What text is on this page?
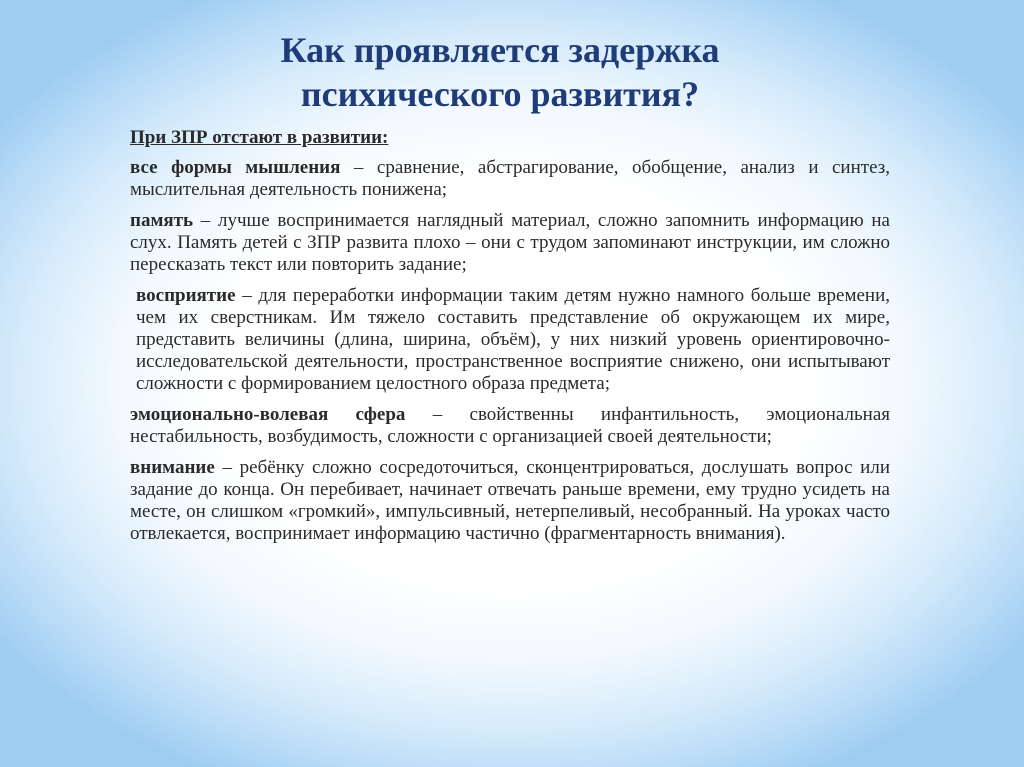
Как проявляется задержка
психического развития?
При ЗПР отстают в развитии:
все формы мышления – сравнение, абстрагирование, обобщение, анализ и синтез, мыслительная деятельность понижена;
память – лучше воспринимается наглядный материал, сложно запомнить информацию на слух. Память детей с ЗПР развита плохо – они с трудом запоминают инструкции, им сложно пересказать текст или повторить задание;
восприятие – для переработки информации таким детям нужно намного больше времени, чем их сверстникам. Им тяжело составить представление об окружающем их мире, представить величины (длина, ширина, объём), у них низкий уровень ориентировочно-исследовательской деятельности, пространственное восприятие снижено, они испытывают сложности с формированием целостного образа предмета;
эмоционально-волевая сфера – свойственны инфантильность, эмоциональная нестабильность, возбудимость, сложности с организацией своей деятельности;
внимание – ребёнку сложно сосредоточиться, сконцентрироваться, дослушать вопрос или задание до конца. Он перебивает, начинает отвечать раньше времени, ему трудно усидеть на месте, он слишком «громкий», импульсивный, нетерпеливый, несобранный. На уроках часто отвлекается, воспринимает информацию частично (фрагментарность внимания).
